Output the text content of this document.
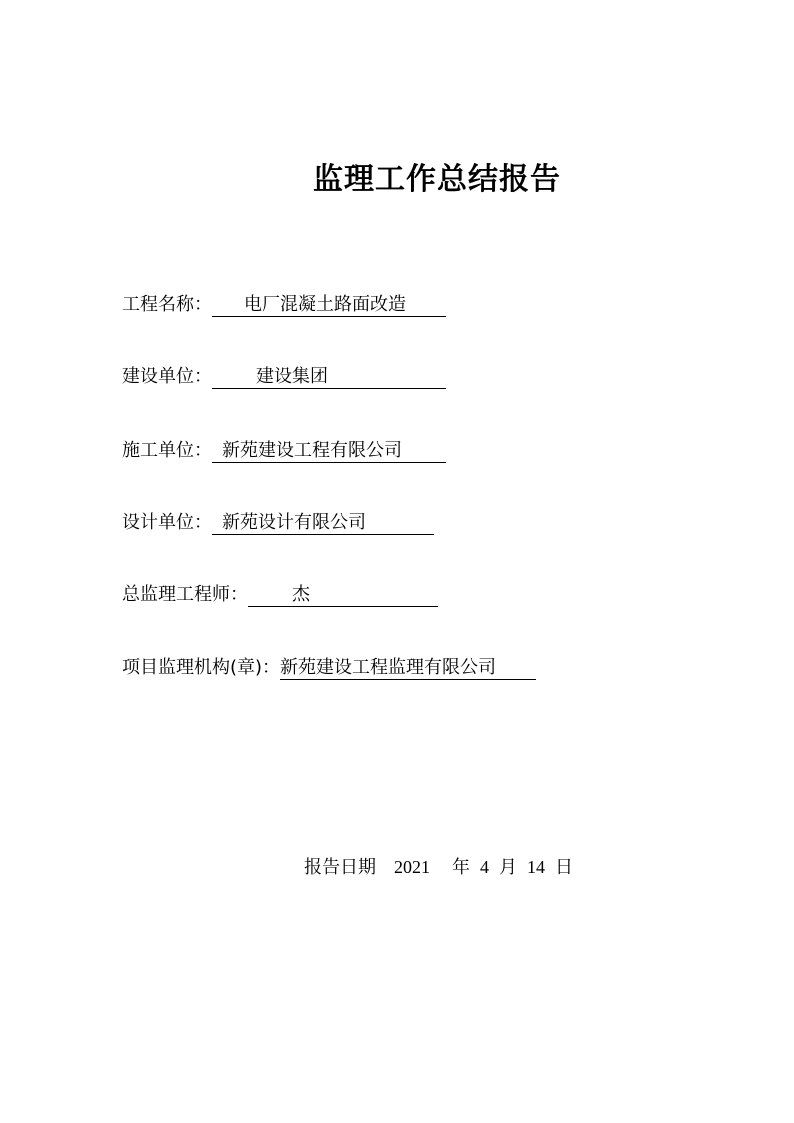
监理工作总结报告
工程名称： 电厂混凝土路面改造
建设单位： 建设集团
施工单位： 新苑建设工程有限公司
设计单位： 新苑设计有限公司
总监理工程师： 杰
项目监理机构(章)：新苑建设工程监理有限公司
报告日期 2021 年 4 月 14 日
